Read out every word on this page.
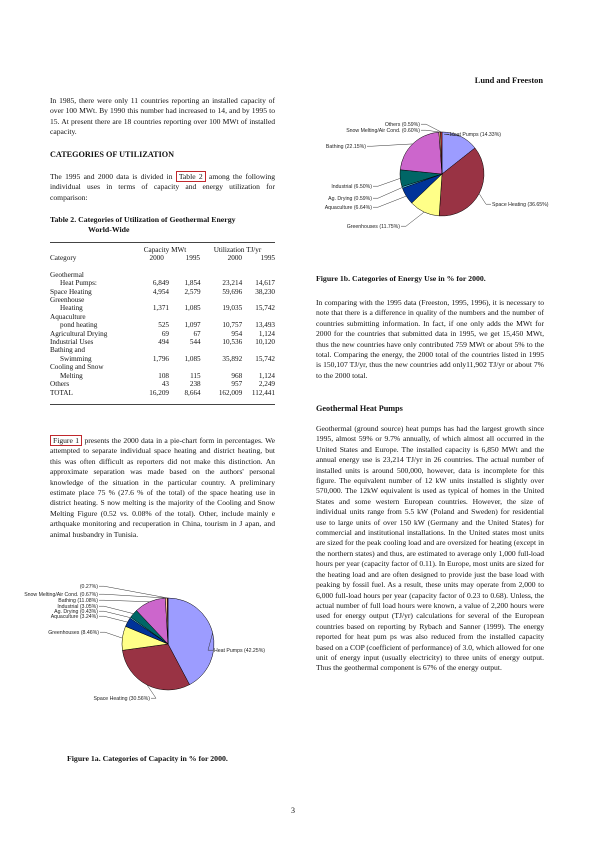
Lund and Freeston

In 1985, there were only 11 countries reporting an installed capacity of over 100 MWt. By 1990 this number had increased to 14, and by 1995 to 15. At present there are 18 countries reporting over 100 MWt of installed capacity.

CATEGORIES OF UTILIZATION

The 1995 and 2000 data is divided in Table 2 among the following individual uses in terms of capacity and energy utilization for comparison:

Table 2. Categories of Utilization of Geothermal Energy
World-Wide
	Capacity MWt		Utilization TJ/yr	
Category	2000	1995	2000	1995
Geothermal				
Heat Pumps:	6,849	1,854	23,214	14,617
Space Heating	4,954	2,579	59,696	38,230
Greenhouse				
Heating	1,371	1,085	19,035	15,742
Aquaculture				
pond heating	525	1,097	10,757	13,493
Agricultural Drying	69	67	954	1,124
Industrial Uses	494	544	10,536	10,120
Bathing and				
Swimming	1,796	1,085	35,892	15,742
Cooling and Snow				
Melting	108	115	968	1,124
Others	43	238	957	2,249
TOTAL	16,209	8,664	162,009	112,441

Figure 1 presents the 2000 data in a pie-chart form in percentages. We attempted to separate individual space heating and district heating, but this was often difficult as reporters did not make this distinction. An approximate separation was made based on the authors' personal knowledge of the situation in the particular country. A preliminary estimate place 75 % (27.6 % of the total) of the space heating use in district heating. S now melting is the majority of the Cooling and Snow Melting Figure (0.52 vs. 0.08% of the total). Other, include mainly e arthquake monitoring and recuperation in China, tourism in J apan, and animal husbandry in Tunisia.

Heat Pumps (42.25%)
Space Heating (30.56%)
Greenhouses (8.46%)
Aquaculture (3.24%)
Ag. Drying (0.43%)
Industrial (3.05%)
Bathing (11.08%)
Snow Melting/Air Cond. (0.67%)
(0.27%)
Figure 1a. Categories of Capacity in % for 2000.
Heat Pumps (14.33%)
Space Heating (36.65%)
Greenhouses (11.75%)
Aquaculture (6.64%)
Ag. Drying (0.59%)
Industrial (6.50%)
Bathing (22.15%)
Snow Melting/Air Cond. (0.60%)
Others (0.59%)
Figure 1b. Categories of Energy Use in % for 2000.

In comparing with the 1995 data (Freeston, 1995, 1996), it is necessary to note that there is a difference in quality of the numbers and the number of countries submitting information. In fact, if one only adds the MWt for 2000 for the countries that submitted data in 1995, we get 15,450 MWt, thus the new countries have only contributed 759 MWt or about 5% to the total. Comparing the energy, the 2000 total of the countries listed in 1995 is 150,107 TJ/yr, thus the new countries add only11,902 TJ/yr or about 7% to the 2000 total.

Geothermal Heat Pumps

Geothermal (ground source) heat pumps has had the largest growth since 1995, almost 59% or 9.7% annually, of which almost all occurred in the United States and Europe. The installed capacity is 6,850 MWt and the annual energy use is 23,214 TJ/yr in 26 countries. The actual number of installed units is around 500,000, however, data is incomplete for this figure. The equivalent number of 12 kW units installed is slightly over 570,000. The 12kW equivalent is used as typical of homes in the United States and some western European countries. However, the size of individual units range from 5.5 kW (Poland and Sweden) for residential use to large units of over 150 kW (Germany and the United States) for commercial and institutional installations. In the United states most units are sized for the peak cooling load and are oversized for heating (except in the northern states) and thus, are estimated to average only 1,000 full-load hours per year (capacity factor of 0.11). In Europe, most units are sized for the heating load and are often designed to provide just the base load with peaking by fossil fuel. As a result, these units may operate from 2,000 to 6,000 full-load hours per year (capacity factor of 0.23 to 0.68). Unless, the actual number of full load hours were known, a value of 2,200 hours were used for energy output (TJ/yr) calculations for several of the European countries based on reporting by Rybach and Sanner (1999). The energy reported for heat pum ps was also reduced from the installed capacity based on a COP (coefficient of performance) of 3.0, which allowed for one unit of energy input (usually electricity) to three units of energy output. Thus the geothermal component is 67% of the energy output.

3
